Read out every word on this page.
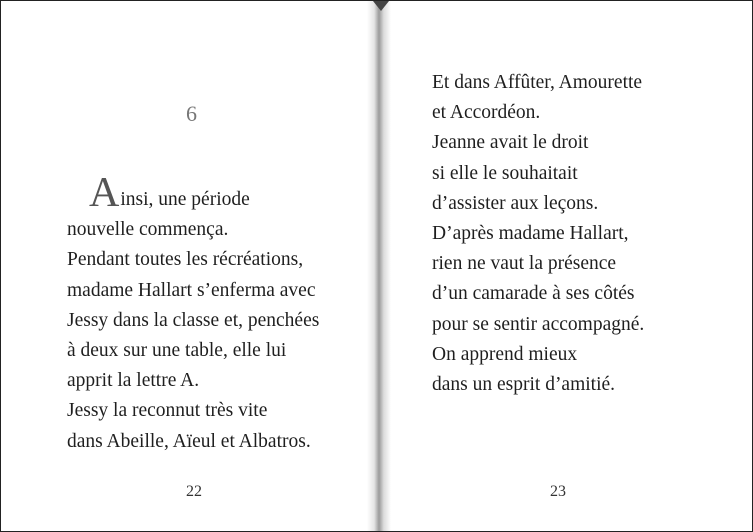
6
Ainsi, une période
nouvelle commença.
Pendant toutes les récréations,
madame Hallart s’enferma avec
Jessy dans la classe et, penchées
à deux sur une table, elle lui
apprit la lettre A.
Jessy la reconnut très vite
dans Abeille, Aïeul et Albatros.
Et dans Affûter, Amourette
et Accordéon.
Jeanne avait le droit
si elle le souhaitait
d’assister aux leçons.
D’après madame Hallart,
rien ne vaut la présence
d’un camarade à ses côtés
pour se sentir accompagné.
On apprend mieux
dans un esprit d’amitié.
22	23
